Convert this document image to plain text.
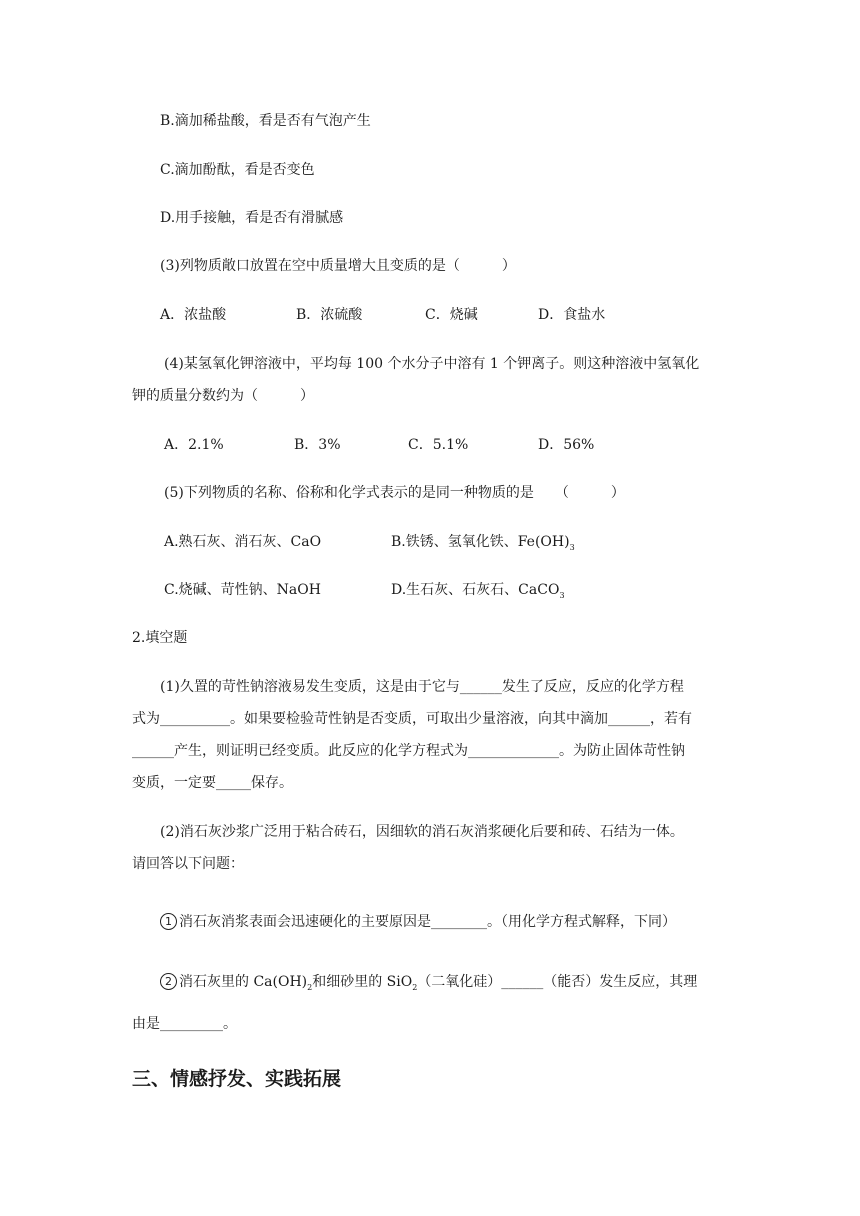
B.滴加稀盐酸，看是否有气泡产生
C.滴加酚酞，看是否变色
D.用手接触，看是否有滑腻感
(3)列物质敞口放置在空中质量增大且变质的是（　　　）
A．浓盐酸	B．浓硫酸	C．烧碱	D．食盐水
(4)某氢氧化钾溶液中，平均每 100 个水分子中溶有 1 个钾离子。则这种溶液中氢氧化
钾的质量分数约为（　　　）
A．2.1%	B．3%	C．5.1%	D．56%
(5)下列物质的名称、俗称和化学式表示的是同一种物质的是　　（　　　）
A.熟石灰、消石灰、CaO	B.铁锈、氢氧化铁、$Fe(OH)_3$
C.烧碱、苛性钠、NaOH	D.生石灰、石灰石、CaCO$_3$
2.填空题
(1)久置的苛性钠溶液易发生变质，这是由于它与______发生了反应，反应的化学方程
式为__________。如果要检验苛性钠是否变质，可取出少量溶液，向其中滴加______，若有
______产生，则证明已经变质。此反应的化学方程式为_____________。为防止固体苛性钠
变质，一定要_____保存。
(2)消石灰沙浆广泛用于粘合砖石，因细软的消石灰消浆硬化后要和砖、石结为一体。
请回答以下问题：
1 消石灰消浆表面会迅速硬化的主要原因是________。（用化学方程式解释，下同）
2 消石灰里的 $Ca(OH)_2$和细砂里的 SiO$_2$（二氧化硅）______（能否）发生反应，其理
由是_________。
三、情感抒发、实践拓展
